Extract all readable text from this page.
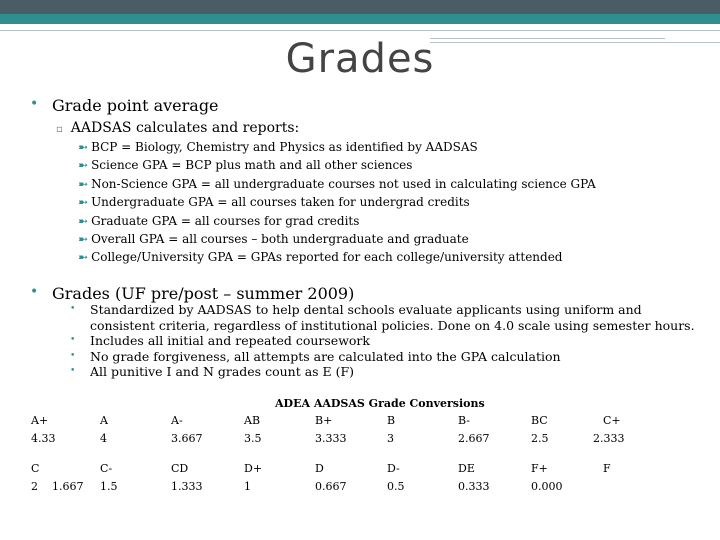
Grades
• Grade point average
▫ AADSAS calculates and reports:
➼ BCP = Biology, Chemistry and Physics as identified by AADSAS
➼ Science GPA = BCP plus math and all other sciences
➼ Non-Science GPA = all undergraduate courses not used in calculating science GPA
➼ Undergraduate GPA = all courses taken for undergrad credits
➼ Graduate GPA = all courses for grad credits
➼ Overall GPA = all courses – both undergraduate and graduate
➼ College/University GPA = GPAs reported for each college/university attended
• Grades (UF pre/post – summer 2009)
• Standardized by AADSAS to help dental schools evaluate applicants using uniform and consistent criteria, regardless of institutional policies. Done on 4.0 scale using semester hours.
• Includes all initial and repeated coursework
• No grade forgiveness, all attempts are calculated into the GPA calculation
• All punitive I and N grades count as E (F)
ADEA AADSAS Grade Conversions
A+
4.33
A
4
A-
3.667
AB
3.5
B+
3.333
B
3
B-
2.667
BC
2.5
C+
2.333
C
2 1.667
C-
1.5
CD
1.333
D+
1
D
0.667
D-
0.5
DE
0.333
F+
0.000
F
